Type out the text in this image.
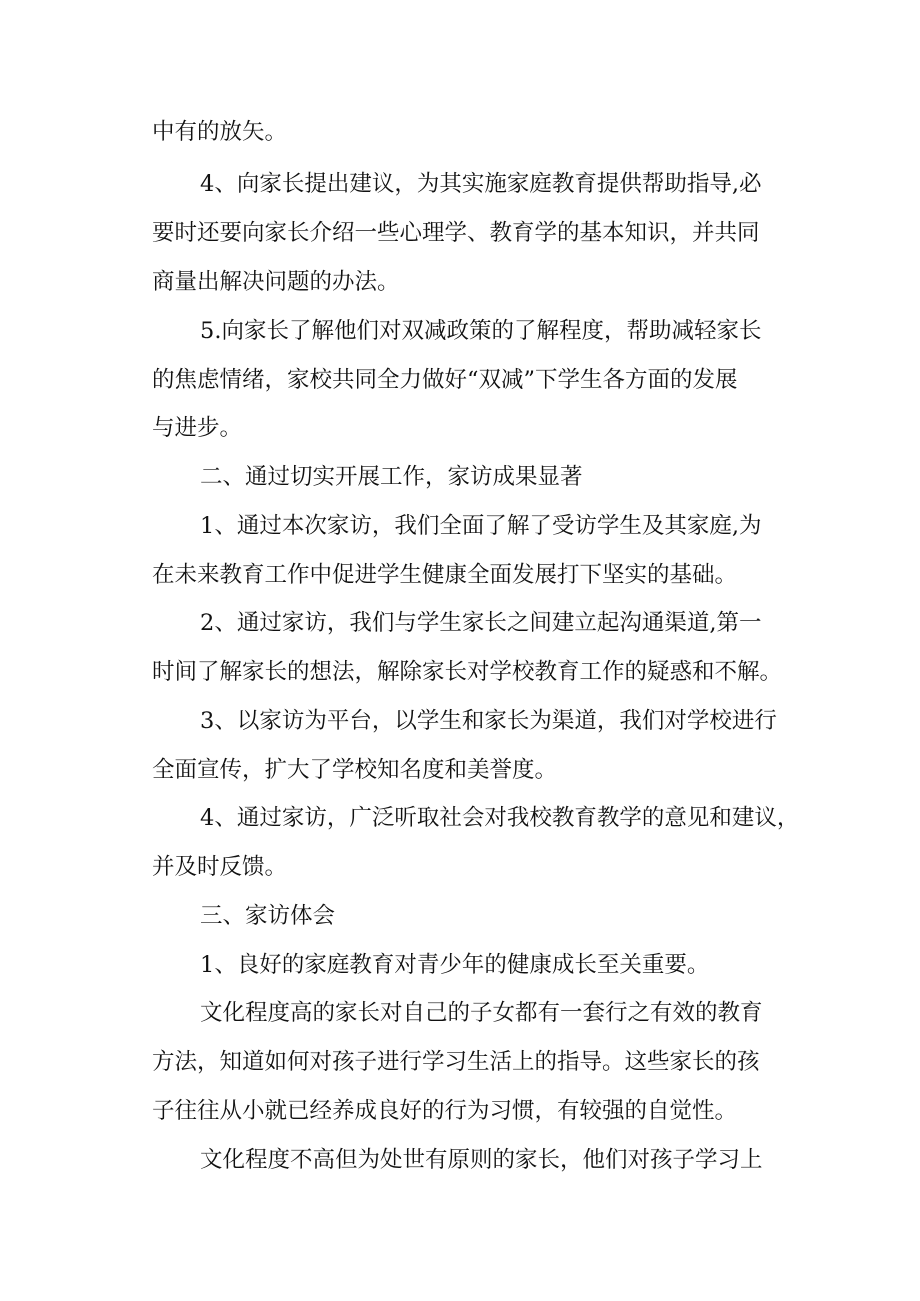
中有的放矢。
4、向家长提出建议，为其实施家庭教育提供帮助指导,必
要时还要向家长介绍一些心理学、教育学的基本知识，并共同
商量出解决问题的办法。
5.向家长了解他们对双减政策的了解程度，帮助减轻家长
的焦虑情绪，家校共同全力做好“双减”下学生各方面的发展
与进步。
二、通过切实开展工作，家访成果显著
1、通过本次家访，我们全面了解了受访学生及其家庭,为
在未来教育工作中促进学生健康全面发展打下坚实的基础。
2、通过家访，我们与学生家长之间建立起沟通渠道,第一
时间了解家长的想法，解除家长对学校教育工作的疑惑和不解。
3、以家访为平台，以学生和家长为渠道，我们对学校进行
全面宣传，扩大了学校知名度和美誉度。
4、通过家访，广泛听取社会对我校教育教学的意见和建议，
并及时反馈。
三、家访体会
1、良好的家庭教育对青少年的健康成长至关重要。
文化程度高的家长对自己的子女都有一套行之有效的教育
方法，知道如何对孩子进行学习生活上的指导。这些家长的孩
子往往从小就已经养成良好的行为习惯，有较强的自觉性。
文化程度不高但为处世有原则的家长，他们对孩子学习上
